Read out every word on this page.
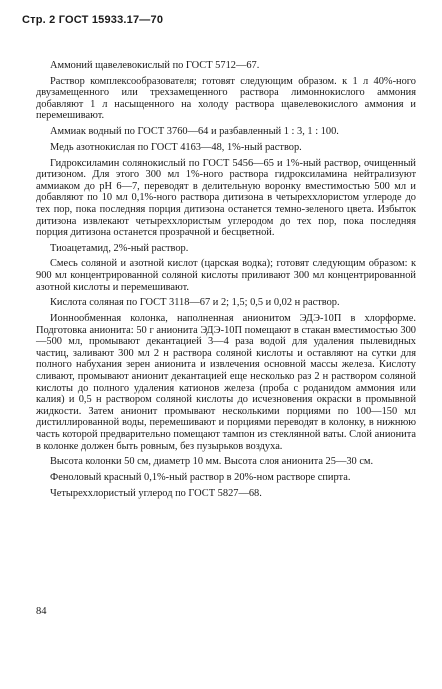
Стр. 2 ГОСТ 15933.17—70

Аммоний щавелевокислый по ГОСТ 5712—67.

Раствор комплексообразователя; готовят следующим образом. к 1 л 40%-ного двузамещенного или трехзамещенного раствора лимоннокислого аммония добавляют 1 л насыщенного на холоду раствора щавелевокислого аммония и перемешивают.

Аммиак водный по ГОСТ 3760—64 и разбавленный 1 : 3, 1 : 100.

Медь азотнокислая по ГОСТ 4163—48, 1%-ный раствор.

Гидроксиламин солянокислый по ГОСТ 5456—65 и 1%-ный раствор, очищенный дитизоном. Для этого 300 мл 1%-ного раствора гидроксиламина нейтрализуют аммиаком до рН 6—7, переводят в делительную воронку вместимостью 500 мл и добавляют по 10 мл 0,1%-ного раствора дитизона в четыреххлористом углероде до тех пор, пока последняя порция дитизона останется темно-зеленого цвета. Избыток дитизона извлекают четыреххлористым углеродом до тех пор, пока последняя порция дитизона останется прозрачной и бесцветной.

Тиоацетамид, 2%-ный раствор.

Смесь соляной и азотной кислот (царская водка); готовят следующим образом: к 900 мл концентрированной соляной кислоты приливают 300 мл концентрированной азотной кислоты и перемешивают.

Кислота соляная по ГОСТ 3118—67 и 2; 1,5; 0,5 и 0,02 н раствор.

Ионнообменная колонка, наполненная анионитом ЭДЭ-10П в хлорформе. Подготовка анионита: 50 г анионита ЭДЭ-10П помещают в стакан вместимостью 300—500 мл, промывают декантацией 3—4 раза водой для удаления пылевидных частиц, заливают 300 мл 2 н раствора соляной кислоты и оставляют на сутки для полного набухания зерен анионита и извлечения основной массы железа. Кислоту сливают, промывают анионит декантацией еще несколько раз 2 н раствором соляной кислоты до полного удаления катионов железа (проба с роданидом аммония или калия) и 0,5 н раствором соляной кислоты до исчезновения окраски в промывной жидкости. Затем анионит промывают несколькими порциями по 100—150 мл дистиллированной воды, перемешивают и порциями переводят в колонку, в нижнюю часть которой предварительно помещают тампон из стеклянной ваты. Слой анионита в колонке должен быть ровным, без пузырьков воздуха.

Высота колонки 50 см, диаметр 10 мм. Высота слоя анионита 25—30 см.

Феноловый красный 0,1%-ный раствор в 20%-ном растворе спирта.

Четыреххлористый углерод по ГОСТ 5827—68.

84
